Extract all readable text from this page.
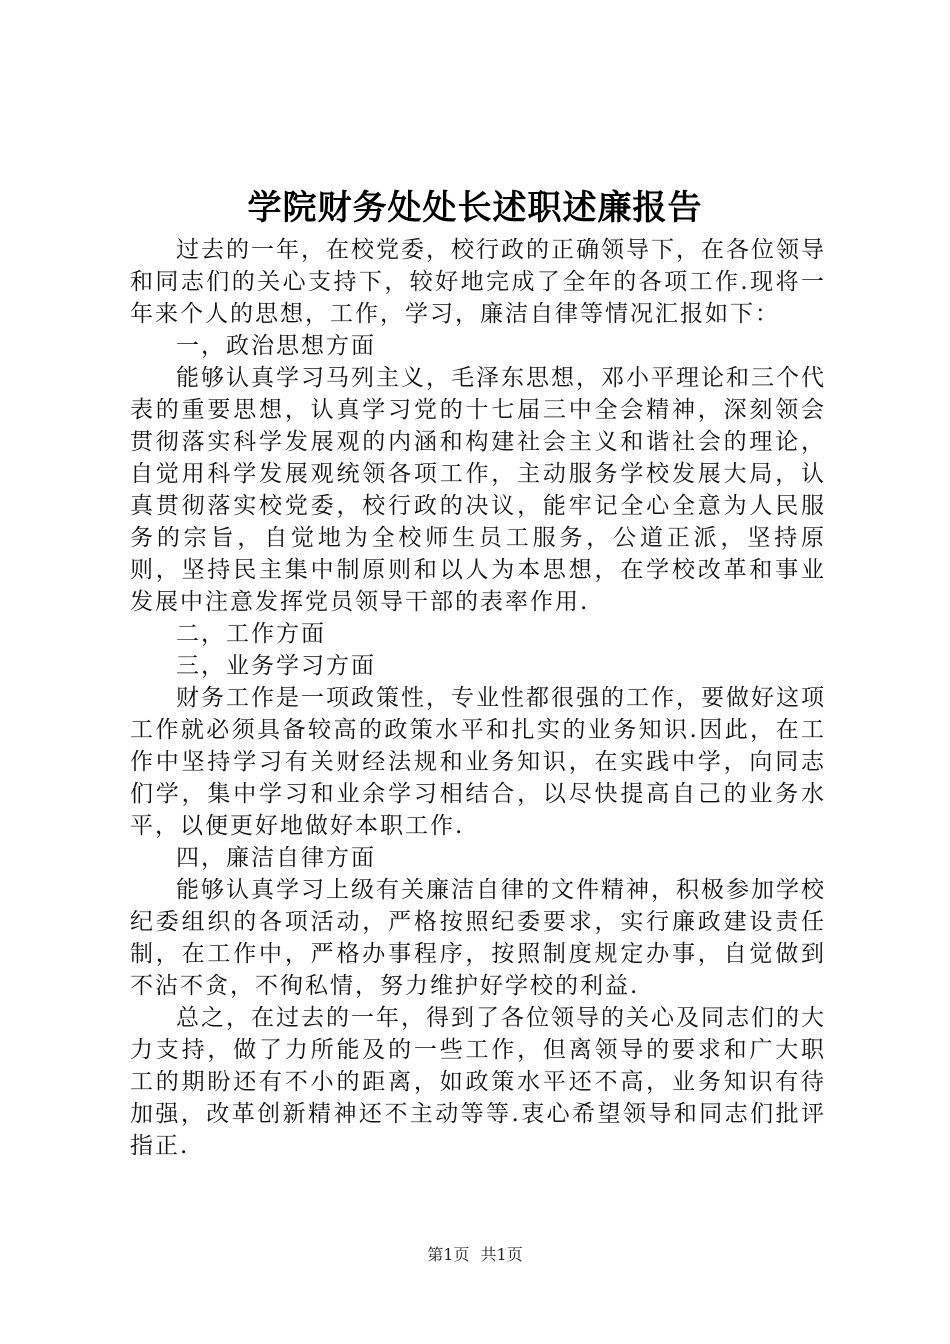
学院财务处处长述职述廉报告

过去的一年，在校党委，校行政的正确领导下，在各位领导和同志们的关心支持下，较好地完成了全年的各项工作.现将一年来个人的思想，工作，学习，廉洁自律等情况汇报如下：

一，政治思想方面

能够认真学习马列主义，毛泽东思想，邓小平理论和三个代表的重要思想，认真学习党的十七届三中全会精神，深刻领会贯彻落实科学发展观的内涵和构建社会主义和谐社会的理论，自觉用科学发展观统领各项工作，主动服务学校发展大局，认真贯彻落实校党委，校行政的决议，能牢记全心全意为人民服务的宗旨，自觉地为全校师生员工服务，公道正派，坚持原则，坚持民主集中制原则和以人为本思想，在学校改革和事业发展中注意发挥党员领导干部的表率作用.

二，工作方面

三，业务学习方面

财务工作是一项政策性，专业性都很强的工作，要做好这项工作就必须具备较高的政策水平和扎实的业务知识.因此，在工作中坚持学习有关财经法规和业务知识，在实践中学，向同志们学，集中学习和业余学习相结合，以尽快提高自己的业务水平，以便更好地做好本职工作.

四，廉洁自律方面

能够认真学习上级有关廉洁自律的文件精神，积极参加学校纪委组织的各项活动，严格按照纪委要求，实行廉政建设责任制，在工作中，严格办事程序，按照制度规定办事，自觉做到不沾不贪，不徇私情，努力维护好学校的利益.

总之，在过去的一年，得到了各位领导的关心及同志们的大力支持，做了力所能及的一些工作，但离领导的要求和广大职工的期盼还有不小的距离，如政策水平还不高，业务知识有待加强，改革创新精神还不主动等等.衷心希望领导和同志们批评指正.

第1页 共1页
